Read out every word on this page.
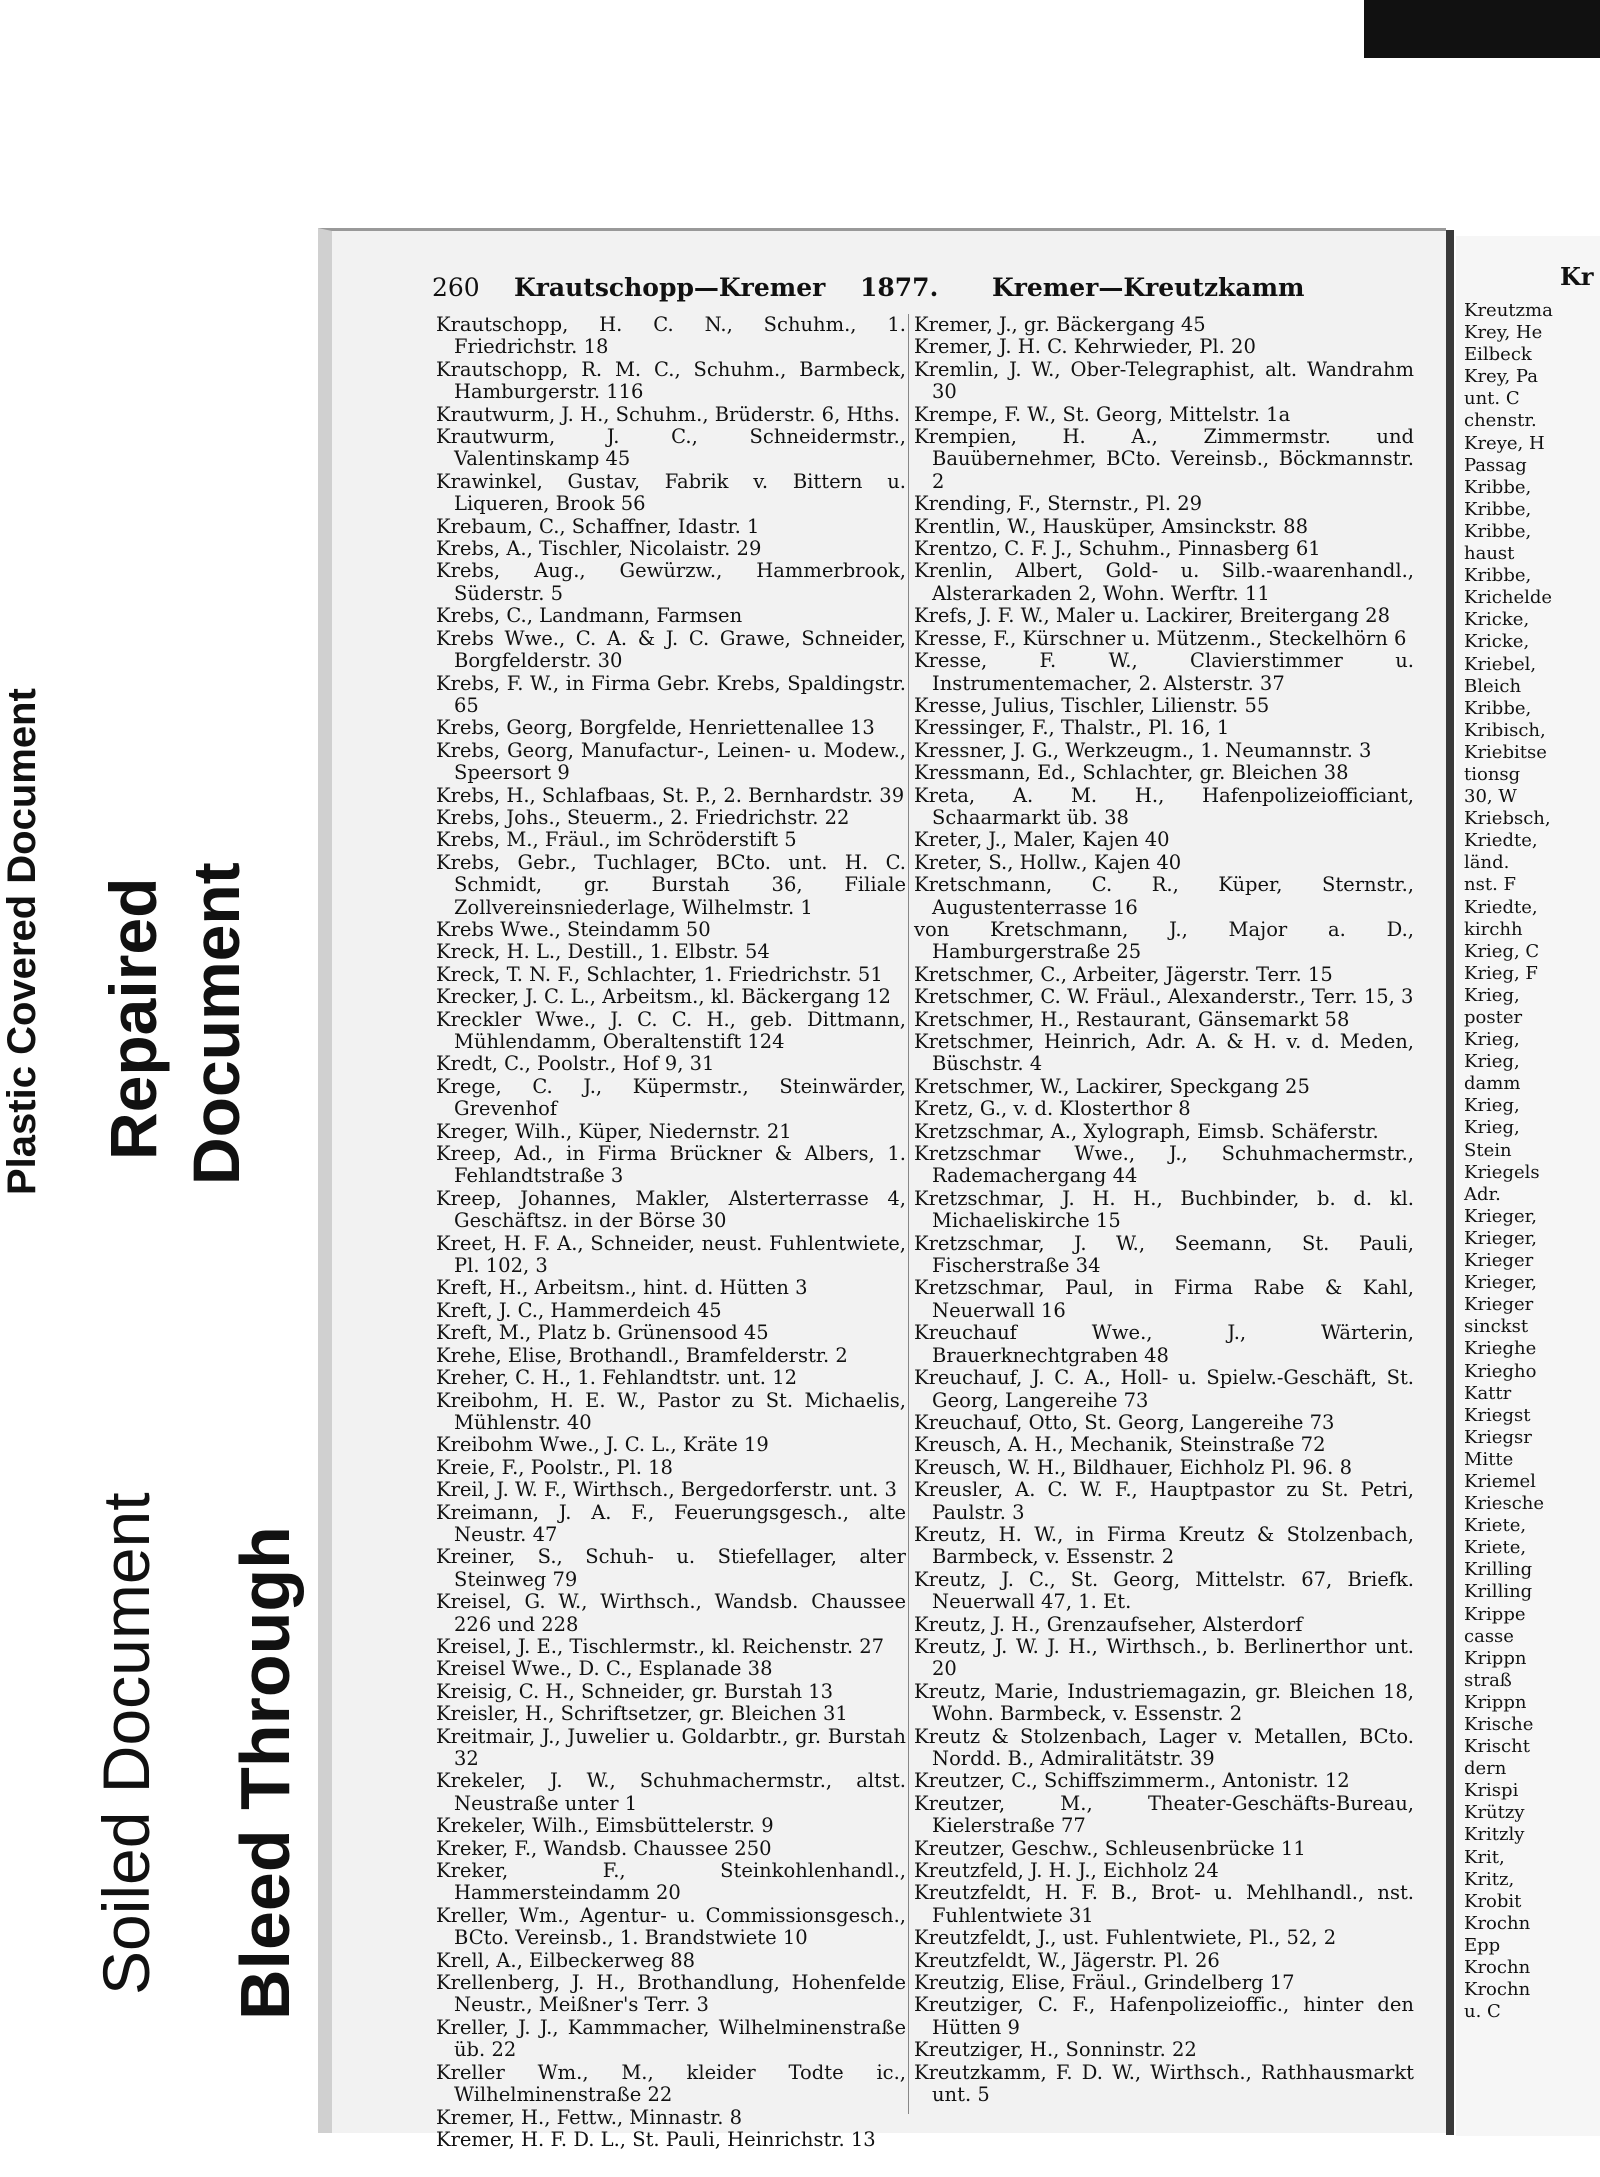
Plastic Covered Document Repaired Document
Soiled Document Bleed Through
260 Krautschopp—Kremer 1877. Kremer—Kreutzkamm
Krautschopp, H. C. N., Schuhm., 1. Friedrichstr. 18
Krautschopp, R. M. C., Schuhm., Barmbeck, Hamburgerstr. 116
Krautwurm, J. H., Schuhm., Brüderstr. 6, Hths.
Krautwurm, J. C., Schneidermstr., Valentinskamp 45
Krawinkel, Gustav, Fabrik v. Bittern u. Liqueren, Brook 56
Krebaum, C., Schaffner, Idastr. 1
Krebs, A., Tischler, Nicolaistr. 29
Krebs, Aug., Gewürzw., Hammerbrook, Süderstr. 5
Krebs, C., Landmann, Farmsen
Krebs Wwe., C. A. & J. C. Grawe, Schneider, Borgfelderstr. 30
Krebs, F. W., in Firma Gebr. Krebs, Spaldingstr. 65
Krebs, Georg, Borgfelde, Henriettenallee 13
Krebs, Georg, Manufactur-, Leinen- u. Modew., Speersort 9
Krebs, H., Schlafbaas, St. P., 2. Bernhardstr. 39
Krebs, Johs., Steuerm., 2. Friedrichstr. 22
Krebs, M., Fräul., im Schröderstift 5
Krebs, Gebr., Tuchlager, BCto. unt. H. C. Schmidt, gr. Burstah 36, Filiale Zollvereinsniederlage, Wilhelmstr. 1
Krebs Wwe., Steindamm 50
Kreck, H. L., Destill., 1. Elbstr. 54
Kreck, T. N. F., Schlachter, 1. Friedrichstr. 51
Krecker, J. C. L., Arbeitsm., kl. Bäckergang 12
Kreckler Wwe., J. C. C. H., geb. Dittmann, Mühlendamm, Oberaltenstift 124
Kredt, C., Poolstr., Hof 9, 31
Krege, C. J., Küpermstr., Steinwärder, Grevenhof
Kreger, Wilh., Küper, Niedernstr. 21
Kreep, Ad., in Firma Brückner & Albers, 1. Fehlandtstraße 3
Kreep, Johannes, Makler, Alsterterrasse 4, Geschäftsz. in der Börse 30
Kreet, H. F. A., Schneider, neust. Fuhlentwiete, Pl. 102, 3
Kreft, H., Arbeitsm., hint. d. Hütten 3
Kreft, J. C., Hammerdeich 45
Kreft, M., Platz b. Grünensood 45
Krehe, Elise, Brothandl., Bramfelderstr. 2
Kreher, C. H., 1. Fehlandtstr. unt. 12
Kreibohm, H. E. W., Pastor zu St. Michaelis, Mühlenstr. 40
Kreibohm Wwe., J. C. L., Kräte 19
Kreie, F., Poolstr., Pl. 18
Kreil, J. W. F., Wirthsch., Bergedorferstr. unt. 3
Kreimann, J. A. F., Feuerungsgesch., alte Neustr. 47
Kreiner, S., Schuh- u. Stiefellager, alter Steinweg 79
Kreisel, G. W., Wirthsch., Wandsb. Chaussee 226 und 228
Kreisel, J. E., Tischlermstr., kl. Reichenstr. 27
Kreisel Wwe., D. C., Esplanade 38
Kreisig, C. H., Schneider, gr. Burstah 13
Kreisler, H., Schriftsetzer, gr. Bleichen 31
Kreitmair, J., Juwelier u. Goldarbtr., gr. Burstah 32
Krekeler, J. W., Schuhmachermstr., altst. Neustraße unter 1
Krekeler, Wilh., Eimsbüttelerstr. 9
Kreker, F., Wandsb. Chaussee 250
Kreker, F., Steinkohlenhandl., Hammersteindamm 20
Kreller, Wm., Agentur- u. Commissionsgesch., BCto. Vereinsb., 1. Brandstwiete 10
Krell, A., Eilbeckerweg 88
Krellenberg, J. H., Brothandlung, Hohenfelde Neustr., Meißner's Terr. 3
Kreller, J. J., Kammmacher, Wilhelminenstraße üb. 22
Kreller Wm., M., kleider Todte ic., Wilhelminenstraße 22
Kremer, H., Fettw., Minnastr. 8
Kremer, H. F. D. L., St. Pauli, Heinrichstr. 13
Kremer, J., gr. Bäckergang 45
Kremer, J. H. C. Kehrwieder, Pl. 20
Kremlin, J. W., Ober-Telegraphist, alt. Wandrahm 30
Krempe, F. W., St. Georg, Mittelstr. 1a
Krempien, H. A., Zimmermstr. und Bauübernehmer, BCto. Vereinsb., Böckmannstr. 2
Krending, F., Sternstr., Pl. 29
Krentlin, W., Hausküper, Amsinckstr. 88
Krentzo, C. F. J., Schuhm., Pinnasberg 61
Krenlin, Albert, Gold- u. Silb.-waarenhandl., Alsterarkaden 2, Wohn. Werftr. 11
Krefs, J. F. W., Maler u. Lackirer, Breitergang 28
Kresse, F., Kürschner u. Mützenm., Steckelhörn 6
Kresse, F. W., Clavierstimmer u. Instrumentemacher, 2. Alsterstr. 37
Kresse, Julius, Tischler, Lilienstr. 55
Kressinger, F., Thalstr., Pl. 16, 1
Kressner, J. G., Werkzeugm., 1. Neumannstr. 3
Kressmann, Ed., Schlachter, gr. Bleichen 38
Kreta, A. M. H., Hafenpolizeiofficiant, Schaarmarkt üb. 38
Kreter, J., Maler, Kajen 40
Kreter, S., Hollw., Kajen 40
Kretschmann, C. R., Küper, Sternstr., Augustenterrasse 16
von Kretschmann, J., Major a. D., Hamburgerstraße 25
Kretschmer, C., Arbeiter, Jägerstr. Terr. 15
Kretschmer, C. W. Fräul., Alexanderstr., Terr. 15, 3
Kretschmer, H., Restaurant, Gänsemarkt 58
Kretschmer, Heinrich, Adr. A. & H. v. d. Meden, Büschstr. 4
Kretschmer, W., Lackirer, Speckgang 25
Kretz, G., v. d. Klosterthor 8
Kretzschmar, A., Xylograph, Eimsb. Schäferstr.
Kretzschmar Wwe., J., Schuhmachermstr., Rademachergang 44
Kretzschmar, J. H. H., Buchbinder, b. d. kl. Michaeliskirche 15
Kretzschmar, J. W., Seemann, St. Pauli, Fischerstraße 34
Kretzschmar, Paul, in Firma Rabe & Kahl, Neuerwall 16
Kreuchauf Wwe., J., Wärterin, Brauerknechtgraben 48
Kreuchauf, J. C. A., Holl- u. Spielw.-Geschäft, St. Georg, Langereihe 73
Kreuchauf, Otto, St. Georg, Langereihe 73
Kreusch, A. H., Mechanik, Steinstraße 72
Kreusch, W. H., Bildhauer, Eichholz Pl. 96. 8
Kreusler, A. C. W. F., Hauptpastor zu St. Petri, Paulstr. 3
Kreutz, H. W., in Firma Kreutz & Stolzenbach, Barmbeck, v. Essenstr. 2
Kreutz, J. C., St. Georg, Mittelstr. 67, Briefk. Neuerwall 47, 1. Et.
Kreutz, J. H., Grenzaufseher, Alsterdorf
Kreutz, J. W. J. H., Wirthsch., b. Berlinerthor unt. 20
Kreutz, Marie, Industriemagazin, gr. Bleichen 18, Wohn. Barmbeck, v. Essenstr. 2
Kreutz & Stolzenbach, Lager v. Metallen, BCto. Nordd. B., Admiralitätstr. 39
Kreutzer, C., Schiffszimmerm., Antonistr. 12
Kreutzer, M., Theater-Geschäfts-Bureau, Kielerstraße 77
Kreutzer, Geschw., Schleusenbrücke 11
Kreutzfeld, J. H. J., Eichholz 24
Kreutzfeldt, H. F. B., Brot- u. Mehlhandl., nst. Fuhlentwiete 31
Kreutzfeldt, J., ust. Fuhlentwiete, Pl., 52, 2
Kreutzfeldt, W., Jägerstr. Pl. 26
Kreutzig, Elise, Fräul., Grindelberg 17
Kreutziger, C. F., Hafenpolizeioffic., hinter den Hütten 9
Kreutziger, H., Sonninstr. 22
Kreutzkamm, F. D. W., Wirthsch., Rathhausmarkt unt. 5
Kr
Kreutzma
Krey, He
Eilbeck
Krey, Pa
unt. C
chenstr.
Kreye, H
Passag
Kribbe,
Kribbe,
Kribbe,
haust
Kribbe,
Krichelde
Kricke,
Kricke,
Kriebel,
Bleich
Kribbe,
Kribisch,
Kriebitse
tionsg
30, W
Kriebsch,
Kriedte,
länd.
nst. F
Kriedte,
kirchh
Krieg, C
Krieg, F
Krieg,
poster
Krieg,
Krieg,
damm
Krieg,
Krieg,
Stein
Kriegels
Adr.
Krieger,
Krieger,
Krieger
Krieger,
Krieger
sinckst
Krieghe
Kriegho
Kattr
Kriegst
Kriegsr
Mitte
Kriemel
Kriesche
Kriete,
Kriete,
Krilling
Krilling
Krippe
casse
Krippn
straß
Krippn
Krische
Krischt
dern
Krispi
Krützy
Kritzly
Krit,
Kritz,
Krobit
Krochn
Epp
Krochn
Krochn
u. C
